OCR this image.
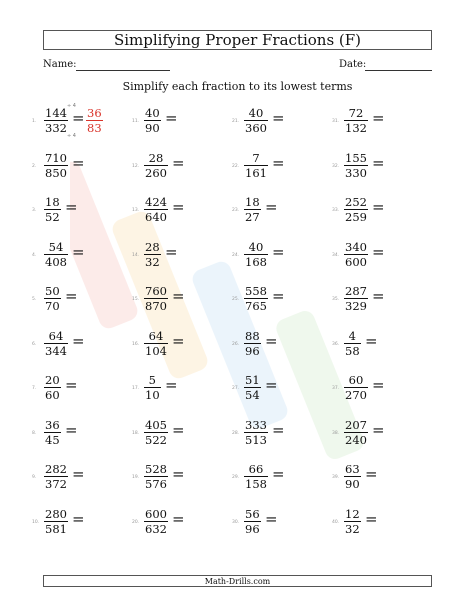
Simplifying Proper Fractions (F)
Name:	Date:
Simplify each fraction to its lowest terms
1.
144
332
= 36
83
÷ 4
÷ 4
11.
40
90
=	21.
40
360
=	31.
72
132
=
2.
710
850
=	12.
28
260
=	22.
7
161
=	32.
155
330
=
3.
18
52
=	13.
424
640
=	23.
18
27
=	33.
252
259
=
4.
54
408
=	14.
28
32
=	24.
40
168
=	34.
340
600
=
5.
50
70
=	15.
760
870
=	25.
558
765
=	35.
287
329
=
6.
64
344
=	16.
64
104
=	26.
88
96
=	36.
4
58
=
7.
20
60
=	17.
5
10
=	27.
51
54
=	37.
60
270
=
8.
36
45
=	18.
405
522
=	28.
333
513
=	38.
207
240
=
9.
282
372
=	19.
528
576
=	29.
66
158
=	39.
63
90
=
10.
280
581
=	20.
600
632
=	30.
56
96
=	40.
12
32
=
Math-Drills.com
